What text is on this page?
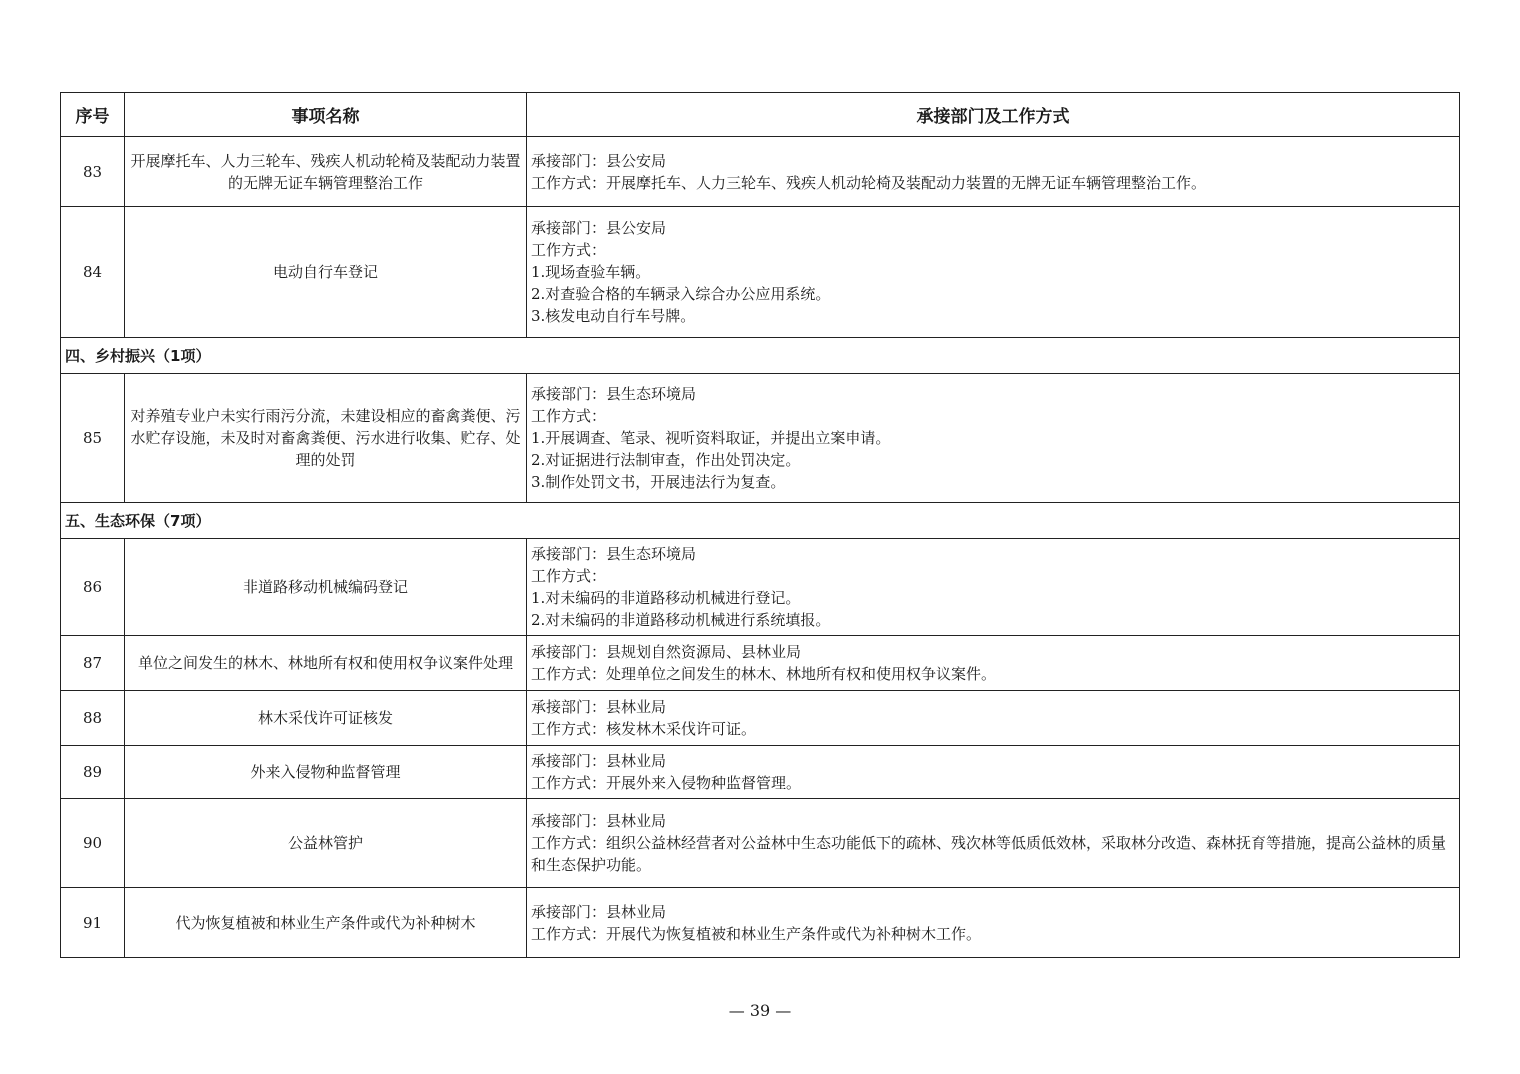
序号	事项名称	承接部门及工作方式
83	开展摩托车、人力三轮车、残疾人机动轮椅及装配动力装置的无牌无证车辆管理整治工作	承接部门：县公安局
工作方式：开展摩托车、人力三轮车、残疾人机动轮椅及装配动力装置的无牌无证车辆管理整治工作。

84	电动自行车登记	承接部门：县公安局
工作方式：
1.现场查验车辆。
2.对查验合格的车辆录入综合办公应用系统。
3.核发电动自行车号牌。

四、乡村振兴（1项）		
85	对养殖专业户未实行雨污分流，未建设相应的畜禽粪便、污水贮存设施，未及时对畜禽粪便、污水进行收集、贮存、处理的处罚	承接部门：县生态环境局
工作方式：
1.开展调查、笔录、视听资料取证，并提出立案申请。
2.对证据进行法制审查，作出处罚决定。
3.制作处罚文书，开展违法行为复查。

五、生态环保（7项）		
86	非道路移动机械编码登记	承接部门：县生态环境局
工作方式：
1.对未编码的非道路移动机械进行登记。
2.对未编码的非道路移动机械进行系统填报。

87	单位之间发生的林木、林地所有权和使用权争议案件处理	承接部门：县规划自然资源局、县林业局
工作方式：处理单位之间发生的林木、林地所有权和使用权争议案件。

88	林木采伐许可证核发	承接部门：县林业局
工作方式：核发林木采伐许可证。

89	外来入侵物种监督管理	承接部门：县林业局
工作方式：开展外来入侵物种监督管理。

90	公益林管护	承接部门：县林业局
工作方式：组织公益林经营者对公益林中生态功能低下的疏林、残次林等低质低效林，采取林分改造、森林抚育等措施，提高公益林的质量和生态保护功能。

91	代为恢复植被和林业生产条件或代为补种树木	承接部门：县林业局
工作方式：开展代为恢复植被和林业生产条件或代为补种树木工作。
— 39 —
